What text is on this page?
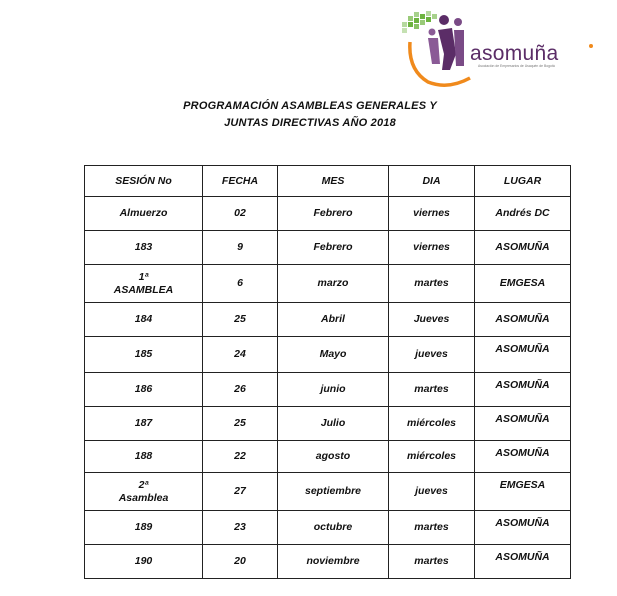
asomuña
Asociación de Empresarios de Usaquén de Bogotá
PROGRAMACIÓN ASAMBLEAS GENERALES Y
JUNTAS DIRECTIVAS AÑO 2018
SESIÓN No	FECHA	MES	DIA	LUGAR
Almuerzo	02	Febrero	viernes	Andrés DC
183	9	Febrero	viernes	ASOMUÑA

1ª
ASAMBLEA	6	marzo	martes	EMGESA
184	25	Abril	Jueves	ASOMUÑA
185	24	Mayo	jueves	ASOMUÑA
186	26	junio	martes	ASOMUÑA
187	25	Julio	miércoles	ASOMUÑA
188	22	agosto	miércoles	ASOMUÑA

2ª
Asamblea	27	septiembre	jueves	EMGESA
189	23	octubre	martes	ASOMUÑA
190	20	noviembre	martes	ASOMUÑA
